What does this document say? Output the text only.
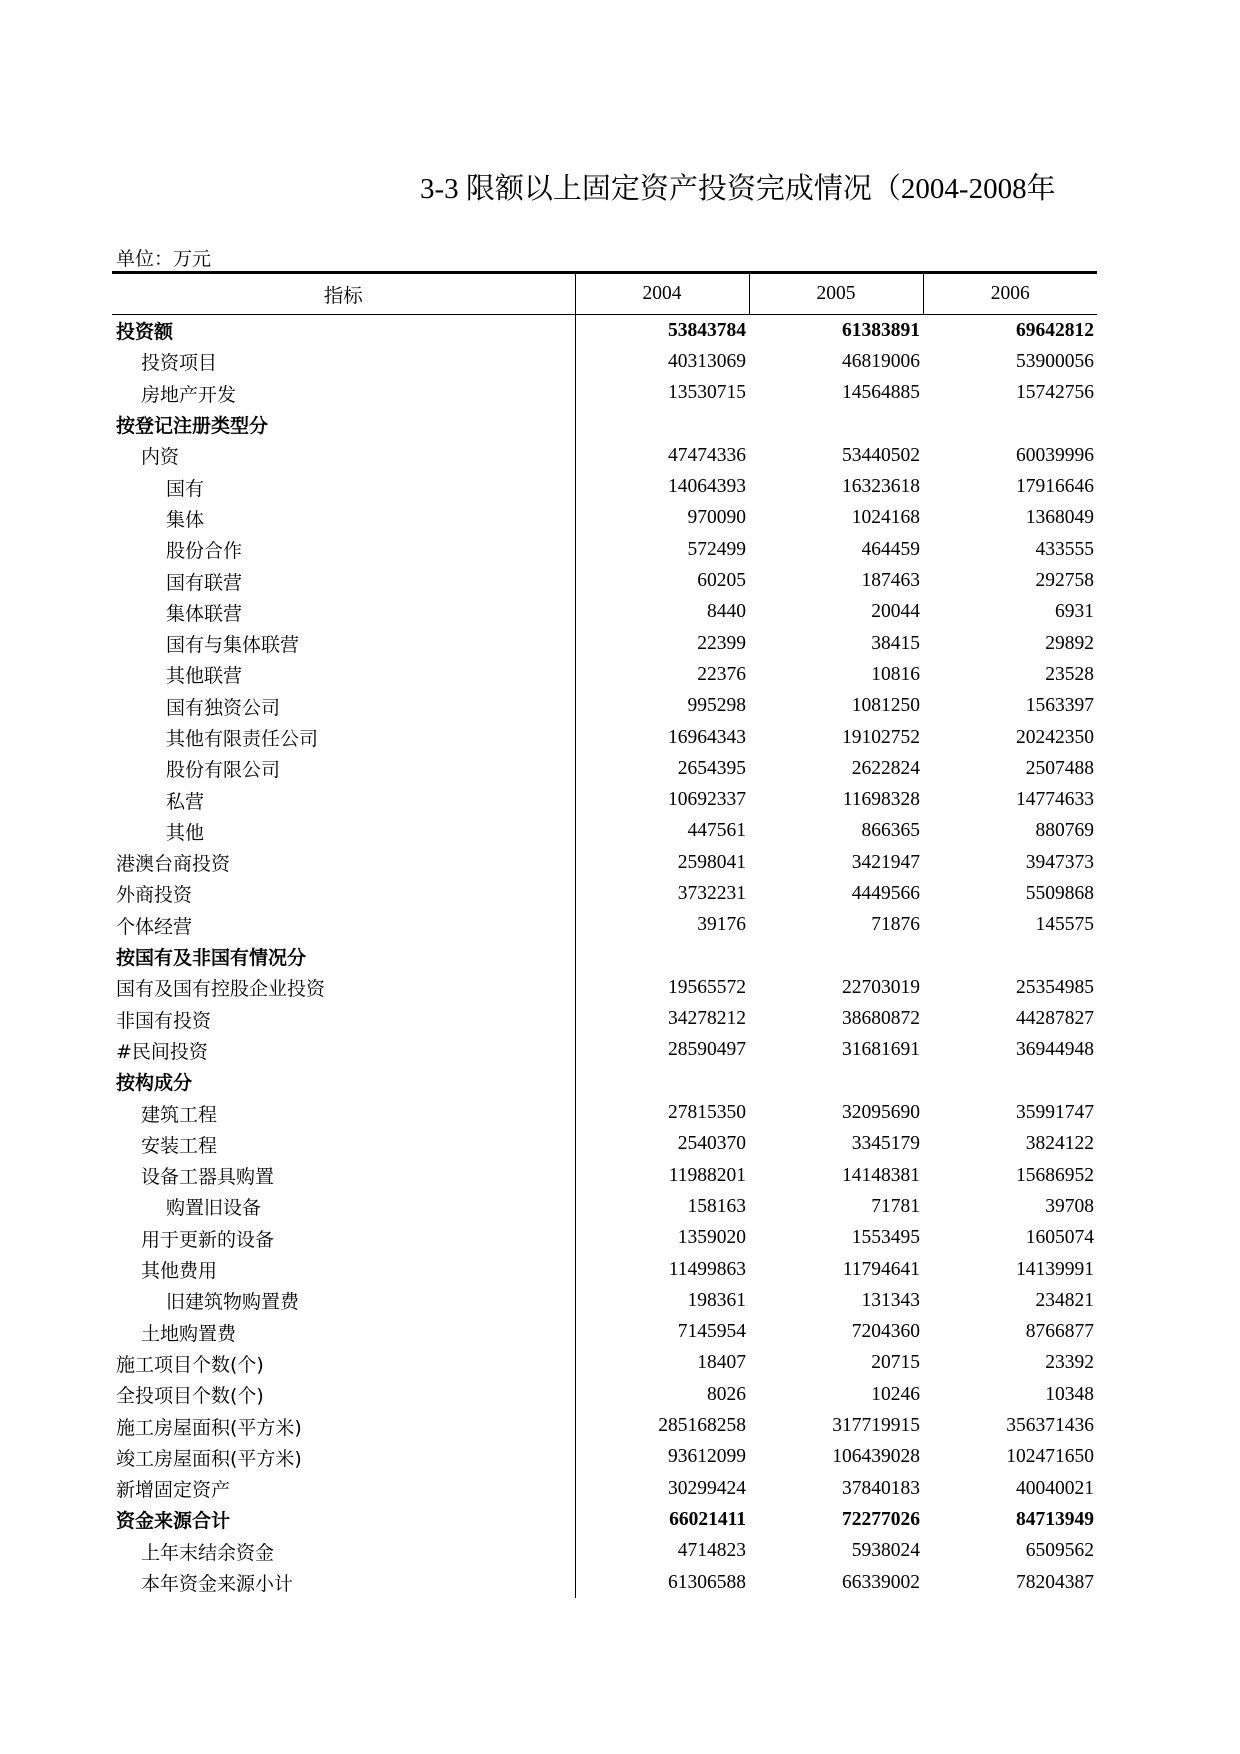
3-3 限额以上固定资产投资完成情况（2004-2008年
单位：万元
指标	2004	2005	2006
投资额	53843784	61383891	69642812
投资项目	40313069	46819006	53900056
房地产开发	13530715	14564885	15742756
按登记注册类型分			
内资	47474336	53440502	60039996
国有	14064393	16323618	17916646
集体	970090	1024168	1368049
股份合作	572499	464459	433555
国有联营	60205	187463	292758
集体联营	8440	20044	6931
国有与集体联营	22399	38415	29892
其他联营	22376	10816	23528
国有独资公司	995298	1081250	1563397
其他有限责任公司	16964343	19102752	20242350
股份有限公司	2654395	2622824	2507488
私营	10692337	11698328	14774633
其他	447561	866365	880769
港澳台商投资	2598041	3421947	3947373
外商投资	3732231	4449566	5509868
个体经营	39176	71876	145575
按国有及非国有情况分			
国有及国有控股企业投资	19565572	22703019	25354985
非国有投资	34278212	38680872	44287827
#民间投资	28590497	31681691	36944948
按构成分			
建筑工程	27815350	32095690	35991747
安装工程	2540370	3345179	3824122
设备工器具购置	11988201	14148381	15686952
购置旧设备	158163	71781	39708
用于更新的设备	1359020	1553495	1605074
其他费用	11499863	11794641	14139991
旧建筑物购置费	198361	131343	234821
土地购置费	7145954	7204360	8766877
施工项目个数(个)	18407	20715	23392
全投项目个数(个)	8026	10246	10348
施工房屋面积(平方米)	285168258	317719915	356371436
竣工房屋面积(平方米)	93612099	106439028	102471650
新增固定资产	30299424	37840183	40040021
资金来源合计	66021411	72277026	84713949
上年末结余资金	4714823	5938024	6509562
本年资金来源小计	61306588	66339002	78204387
